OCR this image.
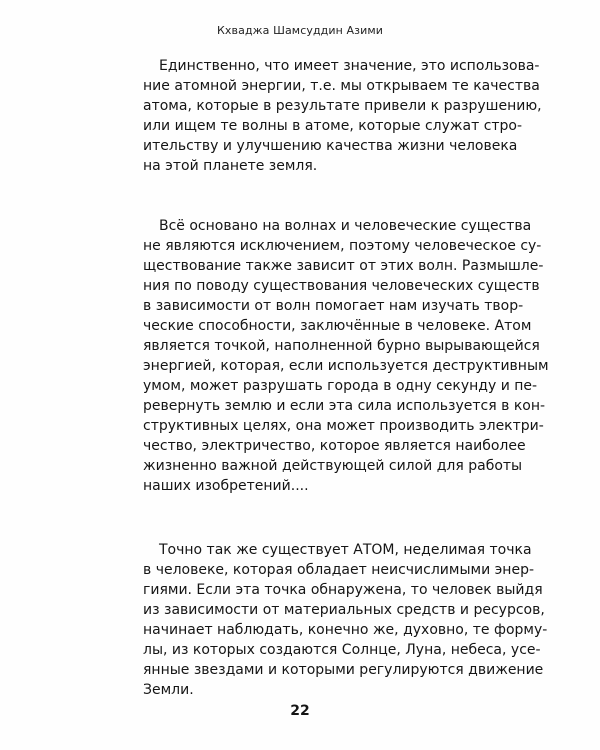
Кхваджа Шамсуддин Азими

Единственно, что имеет значение, это использова-
ние атомной энергии, т.е. мы открываем те качества
атома, которые в результате привели к разрушению,
или ищем те волны в атоме, которые служат стро-
ительству и улучшению качества жизни человека
на этой планете земля.

Всё основано на волнах и человеческие существа
не являются исключением, поэтому человеческое су-
ществование также зависит от этих волн. Размышле-
ния по поводу существования человеческих существ
в зависимости от волн помогает нам изучать твор-
ческие способности, заключённые в человеке. Атом
является точкой, наполненной бурно вырывающейся
энергией, которая, если используется деструктивным
умом, может разрушать города в одну секунду и пе-
ревернуть землю и если эта сила используется в кон-
структивных целях, она может производить электри-
чество, электричество, которое является наиболее
жизненно важной действующей силой для работы
наших изобретений....

Точно так же существует АТОМ, неделимая точка
в человеке, которая обладает неисчислимыми энер-
гиями. Если эта точка обнаружена, то человек выйдя
из зависимости от материальных средств и ресурсов,
начинает наблюдать, конечно же, духовно, те форму-
лы, из которых создаются Солнце, Луна, небеса, усе-
янные звездами и которыми регулируются движение
Земли.

22
